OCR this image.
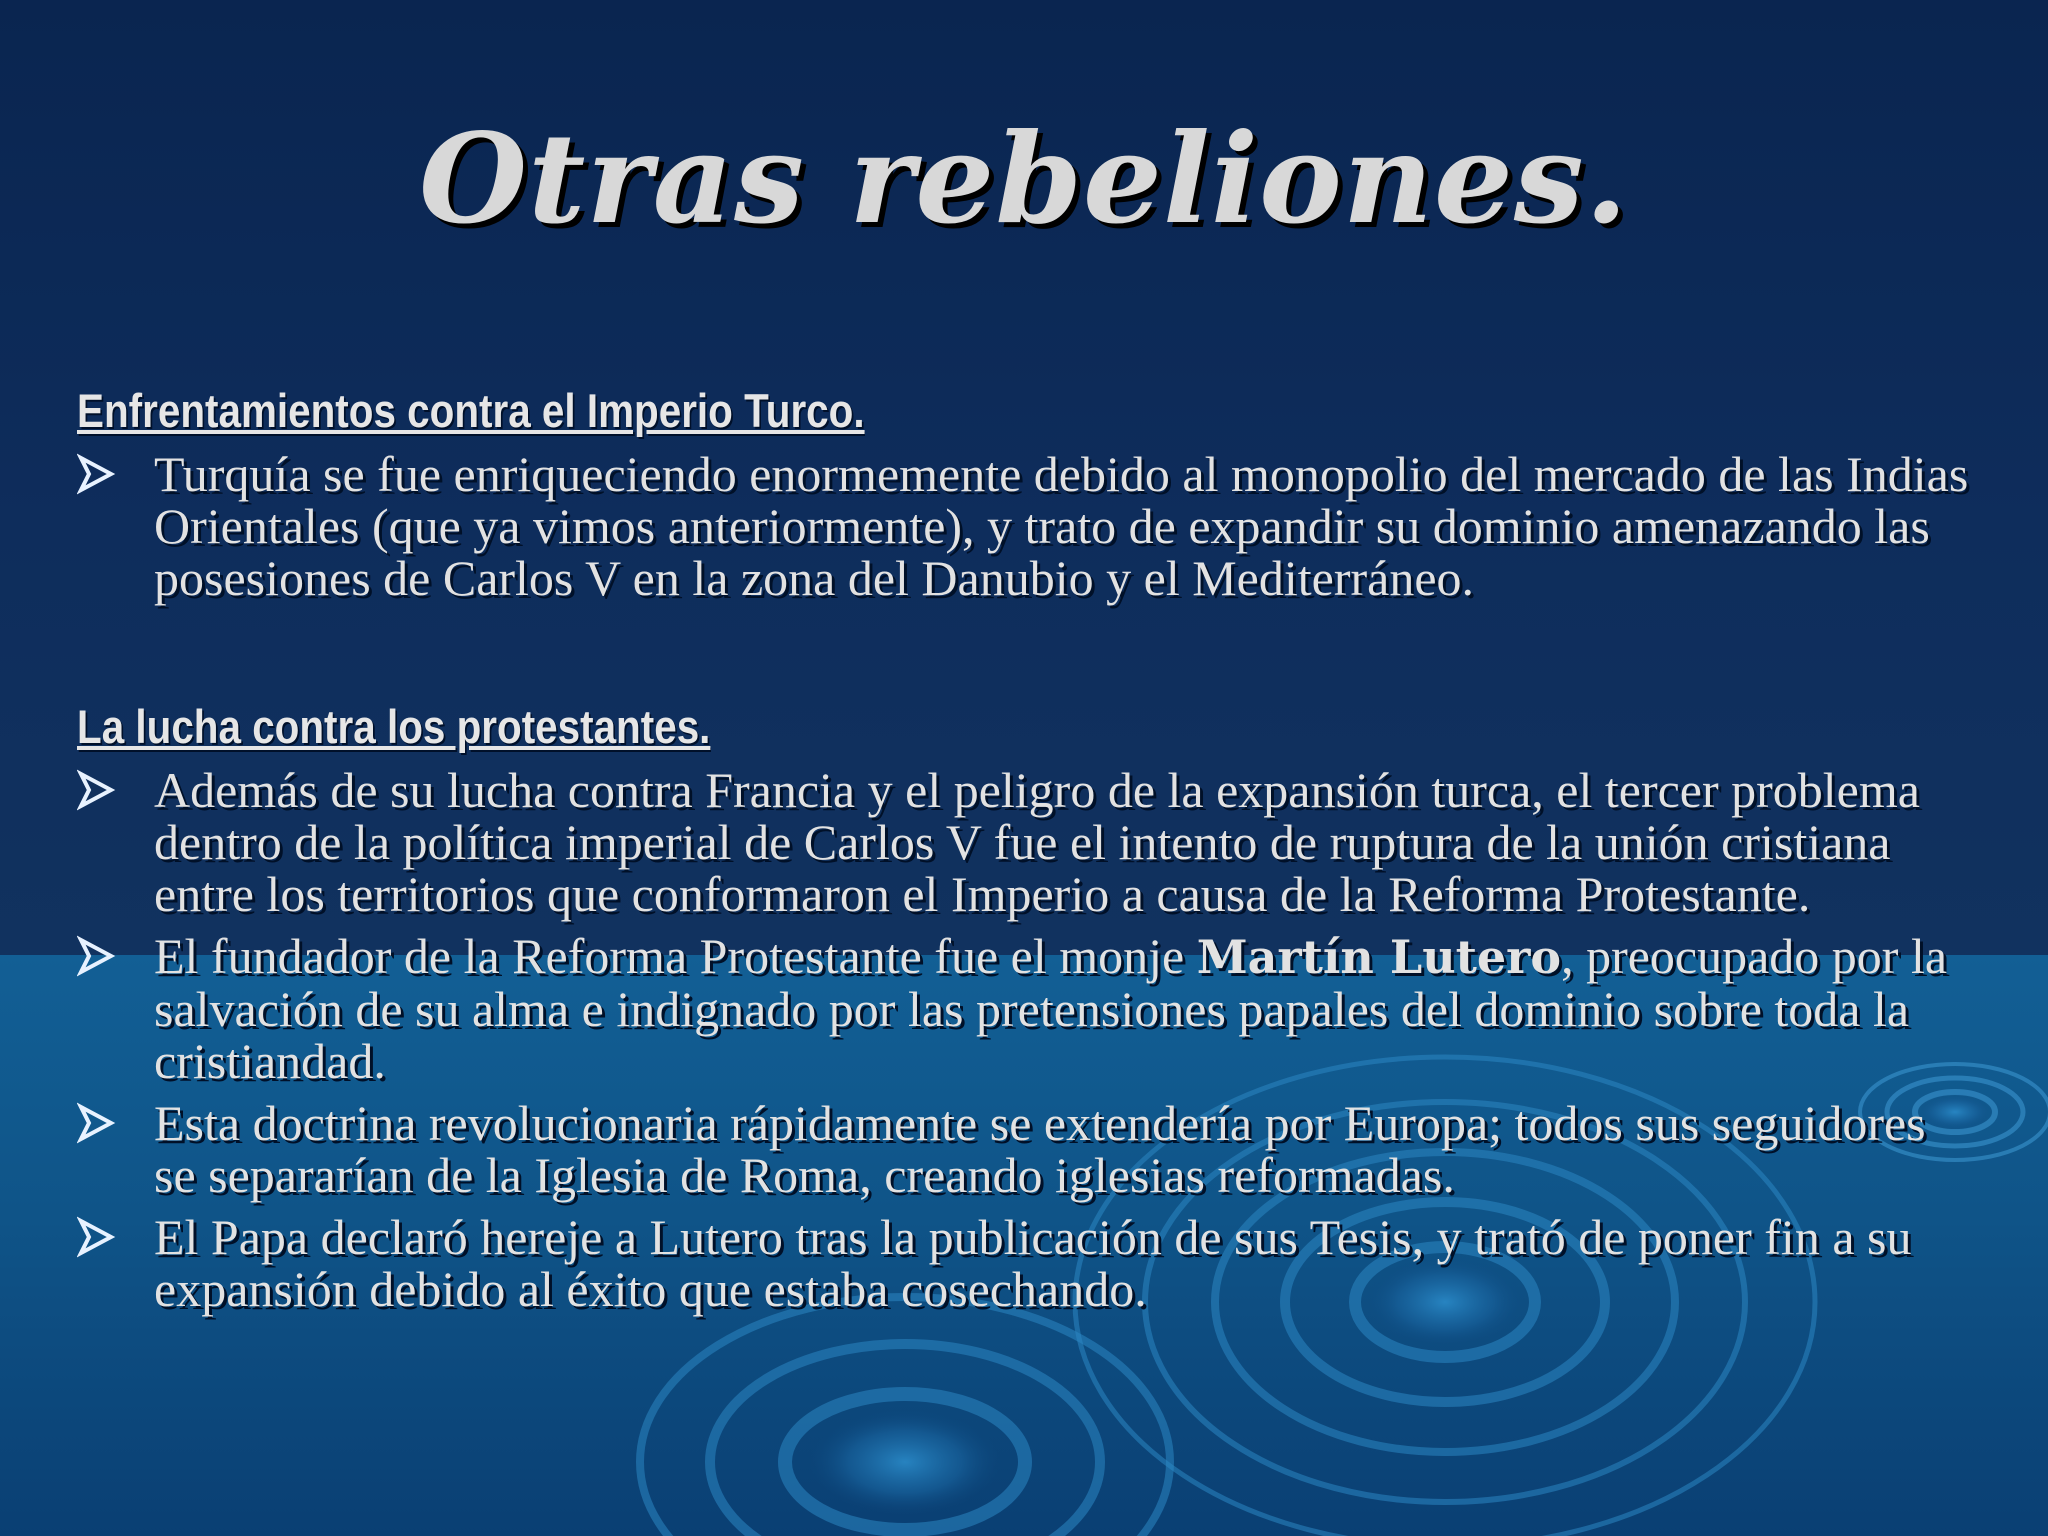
Otras rebeliones.
Enfrentamientos contra el Imperio Turco.
Turquía se fue enriqueciendo enormemente debido al monopolio del mercado de las Indias Orientales (que ya vimos anteriormente), y trato de expandir su dominio amenazando las posesiones de Carlos V en la zona del Danubio y el Mediterráneo.
La lucha contra los protestantes.
Además de su lucha contra Francia y el peligro de la expansión turca, el tercer problema dentro de la política imperial de Carlos V fue el intento de ruptura de la unión cristiana entre los territorios que conformaron el Imperio a causa de la Reforma Protestante.
El fundador de la Reforma Protestante fue el monje Martín Lutero, preocupado por la salvación de su alma e indignado por las pretensiones papales del dominio sobre toda la cristiandad.
Esta doctrina revolucionaria rápidamente se extendería por Europa; todos sus seguidores se separarían de la Iglesia de Roma, creando iglesias reformadas.
El Papa declaró hereje a Lutero tras la publicación de sus Tesis, y trató de poner fin a su expansión debido al éxito que estaba cosechando.
